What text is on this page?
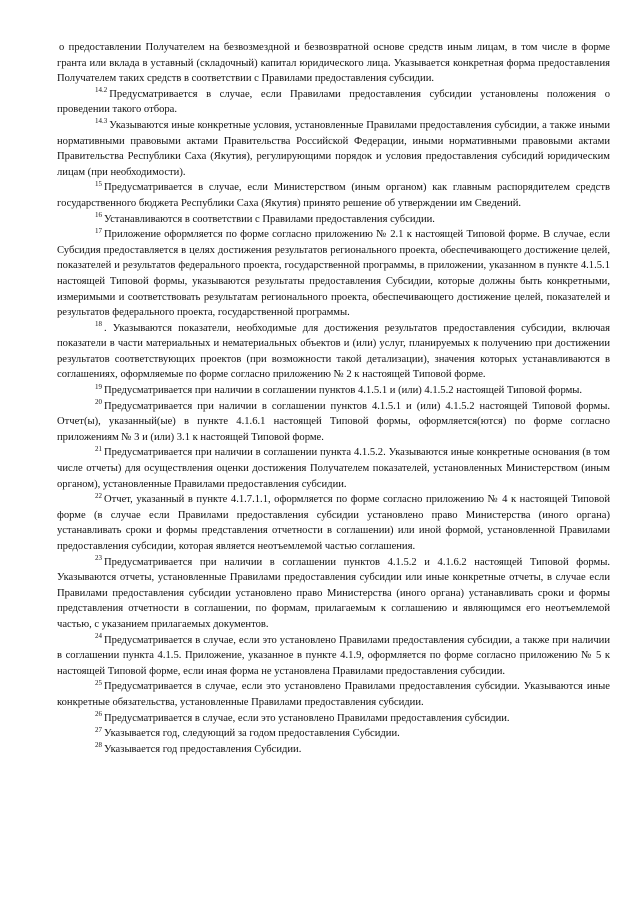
о предоставлении Получателем на безвозмездной и безвозвратной основе средств иным лицам, в том числе в форме гранта или вклада в уставный (складочный) капитал юридического лица. Указывается конкретная форма предоставления Получателем таких средств в соответствии с Правилами предоставления субсидии.

$^{14.2}$ Предусматривается в случае, если Правилами предоставления субсидии установлены положения о проведении такого отбора.

$^{14.3}$ Указываются иные конкретные условия, установленные Правилами предоставления субсидии, а также иными нормативными правовыми актами Правительства Российской Федерации, иными нормативными правовыми актами Правительства Республики Саха (Якутия), регулирующими порядок и условия предоставления субсидий юридическим лицам (при необходимости).

$^{15}$ Предусматривается в случае, если Министерством (иным органом) как главным распорядителем средств государственного бюджета Республики Саха (Якутия) принято решение об утверждении им Сведений.

$^{16}$ Устанавливаются в соответствии с Правилами предоставления субсидии.

$^{17}$ Приложение оформляется по форме согласно приложению № 2.1 к настоящей Типовой форме. В случае, если Субсидия предоставляется в целях достижения результатов регионального проекта, обеспечивающего достижение целей, показателей и результатов федерального проекта, государственной программы, в приложении, указанном в пункте 4.1.5.1 настоящей Типовой формы, указываются результаты предоставления Субсидии, которые должны быть конкретными, измеримыми и соответствовать результатам регионального проекта, обеспечивающего достижение целей, показателей и результатов федерального проекта, государственной программы.

$^{18}$ . Указываются показатели, необходимые для достижения результатов предоставления субсидии, включая показатели в части материальных и нематериальных объектов и (или) услуг, планируемых к получению при достижении результатов соответствующих проектов (при возможности такой детализации), значения которых устанавливаются в соглашениях, оформляемые по форме согласно приложению № 2 к настоящей Типовой форме.

$^{19}$ Предусматривается при наличии в соглашении пунктов 4.1.5.1 и (или) 4.1.5.2 настоящей Типовой формы.

$^{20}$ Предусматривается при наличии в соглашении пунктов 4.1.5.1 и (или) 4.1.5.2 настоящей Типовой формы. Отчет(ы), указанный(ые) в пункте 4.1.6.1 настоящей Типовой формы, оформляется(ются) по форме согласно приложениям № 3 и (или) 3.1 к настоящей Типовой форме.

$^{21}$ Предусматривается при наличии в соглашении пункта 4.1.5.2. Указываются иные конкретные основания (в том числе отчеты) для осуществления оценки достижения Получателем показателей, установленных Министерством (иным органом), установленные Правилами предоставления субсидии.

$^{22}$ Отчет, указанный в пункте 4.1.7.1.1, оформляется по форме согласно приложению № 4 к настоящей Типовой форме (в случае если Правилами предоставления субсидии установлено право Министерства (иного органа) устанавливать сроки и формы представления отчетности в соглашении) или иной формой, установленной Правилами предоставления субсидии, которая является неотъемлемой частью соглашения.

$^{23}$ Предусматривается при наличии в соглашении пунктов 4.1.5.2 и 4.1.6.2 настоящей Типовой формы. Указываются отчеты, установленные Правилами предоставления субсидии или иные конкретные отчеты, в случае если Правилами предоставления субсидии установлено право Министерства (иного органа) устанавливать сроки и формы представления отчетности в соглашении, по формам, прилагаемым к соглашению и являющимся его неотъемлемой частью, с указанием прилагаемых документов.

$^{24}$ Предусматривается в случае, если это установлено Правилами предоставления субсидии, а также при наличии в соглашении пункта 4.1.5. Приложение, указанное в пункте 4.1.9, оформляется по форме согласно приложению № 5 к настоящей Типовой форме, если иная форма не установлена Правилами предоставления субсидии.

$^{25}$ Предусматривается в случае, если это установлено Правилами предоставления субсидии. Указываются иные конкретные обязательства, установленные Правилами предоставления субсидии.

$^{26}$ Предусматривается в случае, если это установлено Правилами предоставления субсидии.

$^{27}$ Указывается год, следующий за годом предоставления Субсидии.

$^{28}$ Указывается год предоставления Субсидии.
